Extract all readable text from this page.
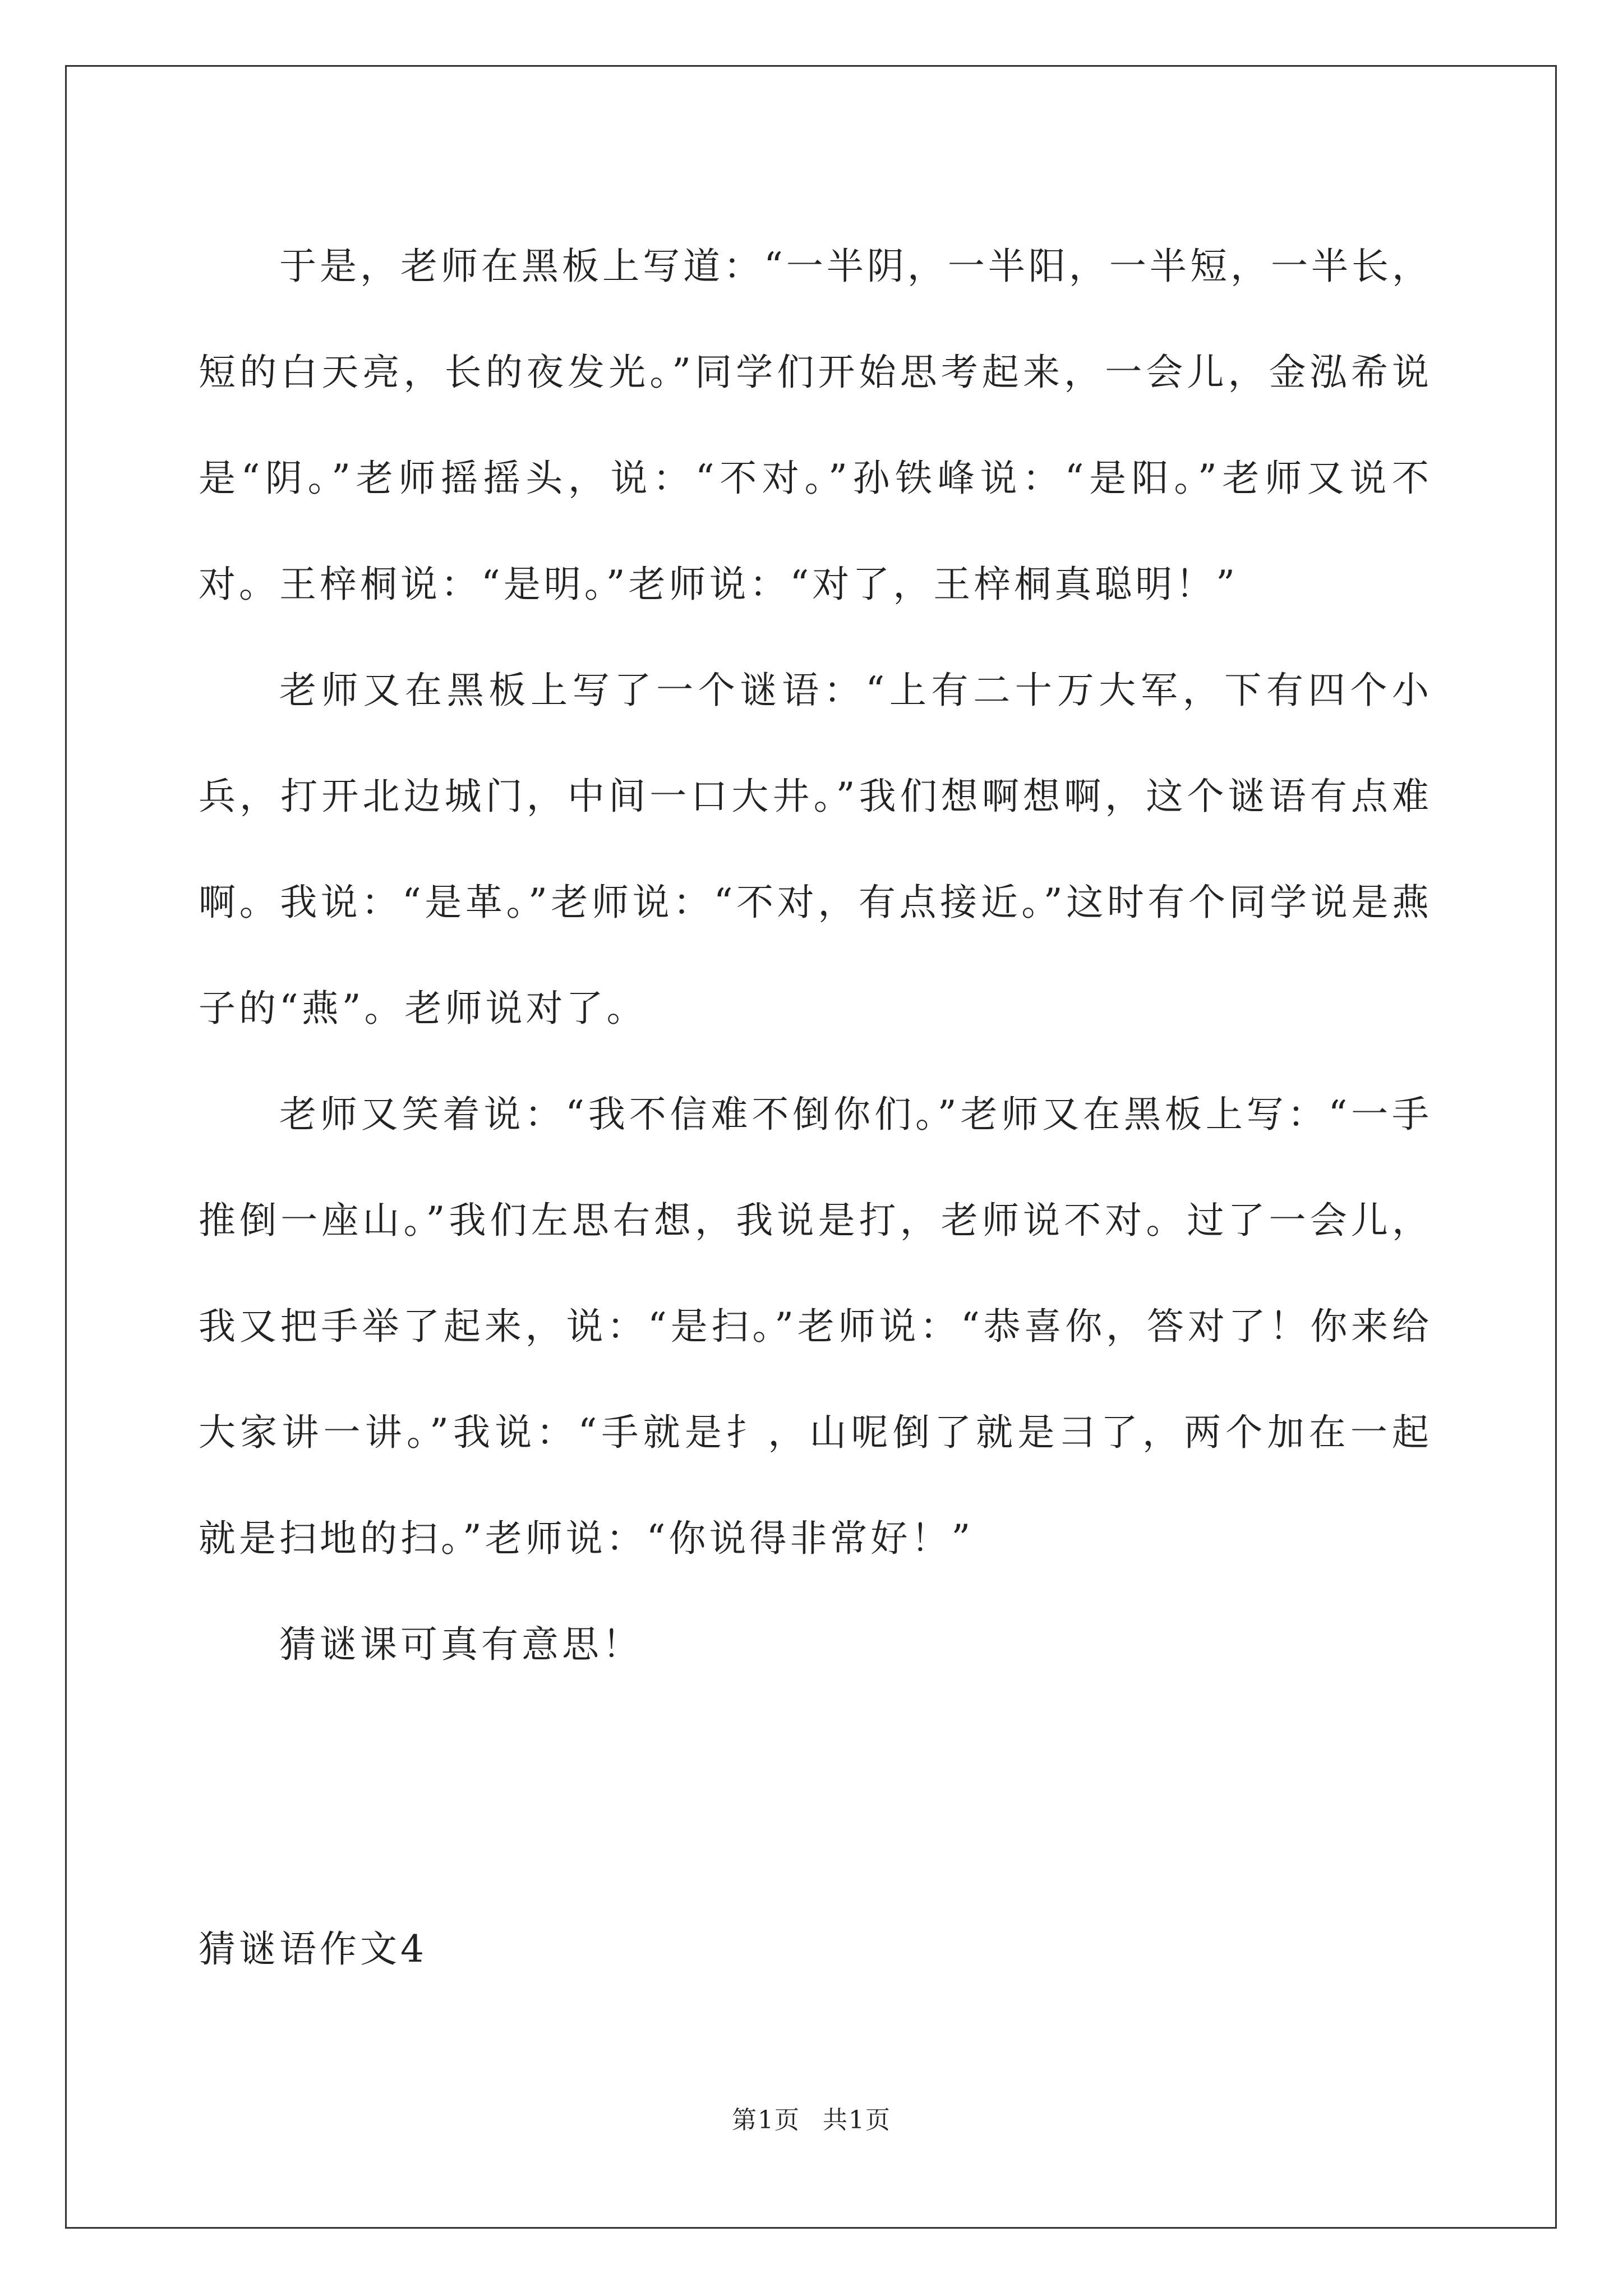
于是，老师在黑板上写道：“一半阴，一半阳，一半短，一半长，短的白天亮，长的夜发光。”同学们开始思考起来，一会儿，金泓希说是“阴。”老师摇摇头，说：“不对。”孙铁峰说：“是阳。”老师又说不对。王梓桐说：“是明。”老师说：“对了，王梓桐真聪明！”

老师又在黑板上写了一个谜语：“上有二十万大军，下有四个小兵，打开北边城门，中间一口大井。”我们想啊想啊，这个谜语有点难啊。我说：“是革。”老师说：“不对，有点接近。”这时有个同学说是燕子的“燕”。老师说对了。

老师又笑着说：“我不信难不倒你们。”老师又在黑板上写：“一手推倒一座山。”我们左思右想，我说是打，老师说不对。过了一会儿，我又把手举了起来，说：“是扫。”老师说：“恭喜你，答对了！你来给大家讲一讲。”我说：“手就是扌，山呢倒了就是彐了，两个加在一起就是扫地的扫。”老师说：“你说得非常好！”

猜谜课可真有意思！

猜谜语作文4
第1页 共1页
